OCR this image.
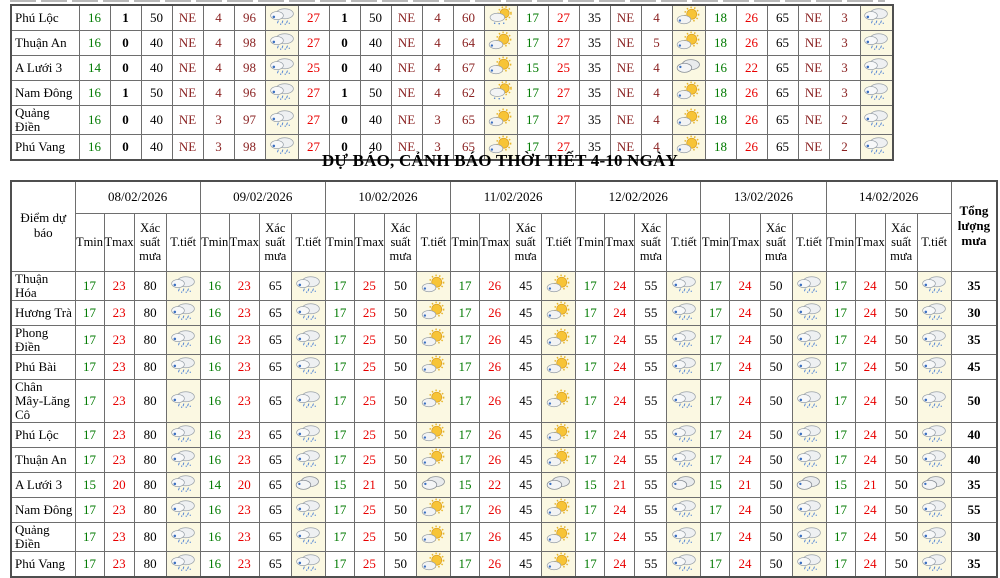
Phú Lộc	16	1	50	NE	4	96		27	1	50	NE	4	60		17	27	35	NE	4		18	26	65	NE	3	
Thuận An	16	0	40	NE	4	98		27	0	40	NE	4	64		17	27	35	NE	5		18	26	65	NE	3	
A Lưới 3	14	0	40	NE	4	98		25	0	40	NE	4	67		15	25	35	NE	4		16	22	65	NE	3	
Nam Đông	16	1	50	NE	4	96		27	1	50	NE	4	62		17	27	35	NE	4		18	26	65	NE	3	
Quảng Điền	16	0	40	NE	3	97		27	0	40	NE	3	65		17	27	35	NE	4		18	26	65	NE	2	
Phú Vang	16	0	40	NE	3	98		27	0	40	NE	3	65		17	27	35	NE	4		18	26	65	NE	2	
DỰ BÁO, CẢNH BÁO THỜI TIẾT 4-10 NGÀY
Điểm dự báo	08/02/2026				09/02/2026				10/02/2026				11/02/2026				12/02/2026				13/02/2026				14/02/2026				Tổng lượng mưa
	Tmin	Tmax	Xác suất mưa	T.tiết	Tmin	Tmax	Xác suất mưa	T.tiết	Tmin	Tmax	Xác suất mưa	T.tiết	Tmin	Tmax	Xác suất mưa	T.tiết	Tmin	Tmax	Xác suất mưa	T.tiết	Tmin	Tmax	Xác suất mưa	T.tiết	Tmin	Tmax	Xác suất mưa	T.tiết	
Thuận Hóa	17	23	80		16	23	65		17	25	50		17	26	45		17	24	55		17	24	50		17	24	50		35
Hương Trà	17	23	80		16	23	65		17	25	50		17	26	45		17	24	55		17	24	50		17	24	50		30
Phong Điền	17	23	80		16	23	65		17	25	50		17	26	45		17	24	55		17	24	50		17	24	50		35
Phú Bài	17	23	80		16	23	65		17	25	50		17	26	45		17	24	55		17	24	50		17	24	50		45
Chân Mây-Lăng Cô	17	23	80		16	23	65		17	25	50		17	26	45		17	24	55		17	24	50		17	24	50		50
Phú Lộc	17	23	80		16	23	65		17	25	50		17	26	45		17	24	55		17	24	50		17	24	50		40
Thuận An	17	23	80		16	23	65		17	25	50		17	26	45		17	24	55		17	24	50		17	24	50		40
A Lưới 3	15	20	80		14	20	65		15	21	50		15	22	45		15	21	55		15	21	50		15	21	50		35
Nam Đông	17	23	80		16	23	65		17	25	50		17	26	45		17	24	55		17	24	50		17	24	50		55
Quảng Điền	17	23	80		16	23	65		17	25	50		17	26	45		17	24	55		17	24	50		17	24	50		30
Phú Vang	17	23	80		16	23	65		17	25	50		17	26	45		17	24	55		17	24	50		17	24	50		35
